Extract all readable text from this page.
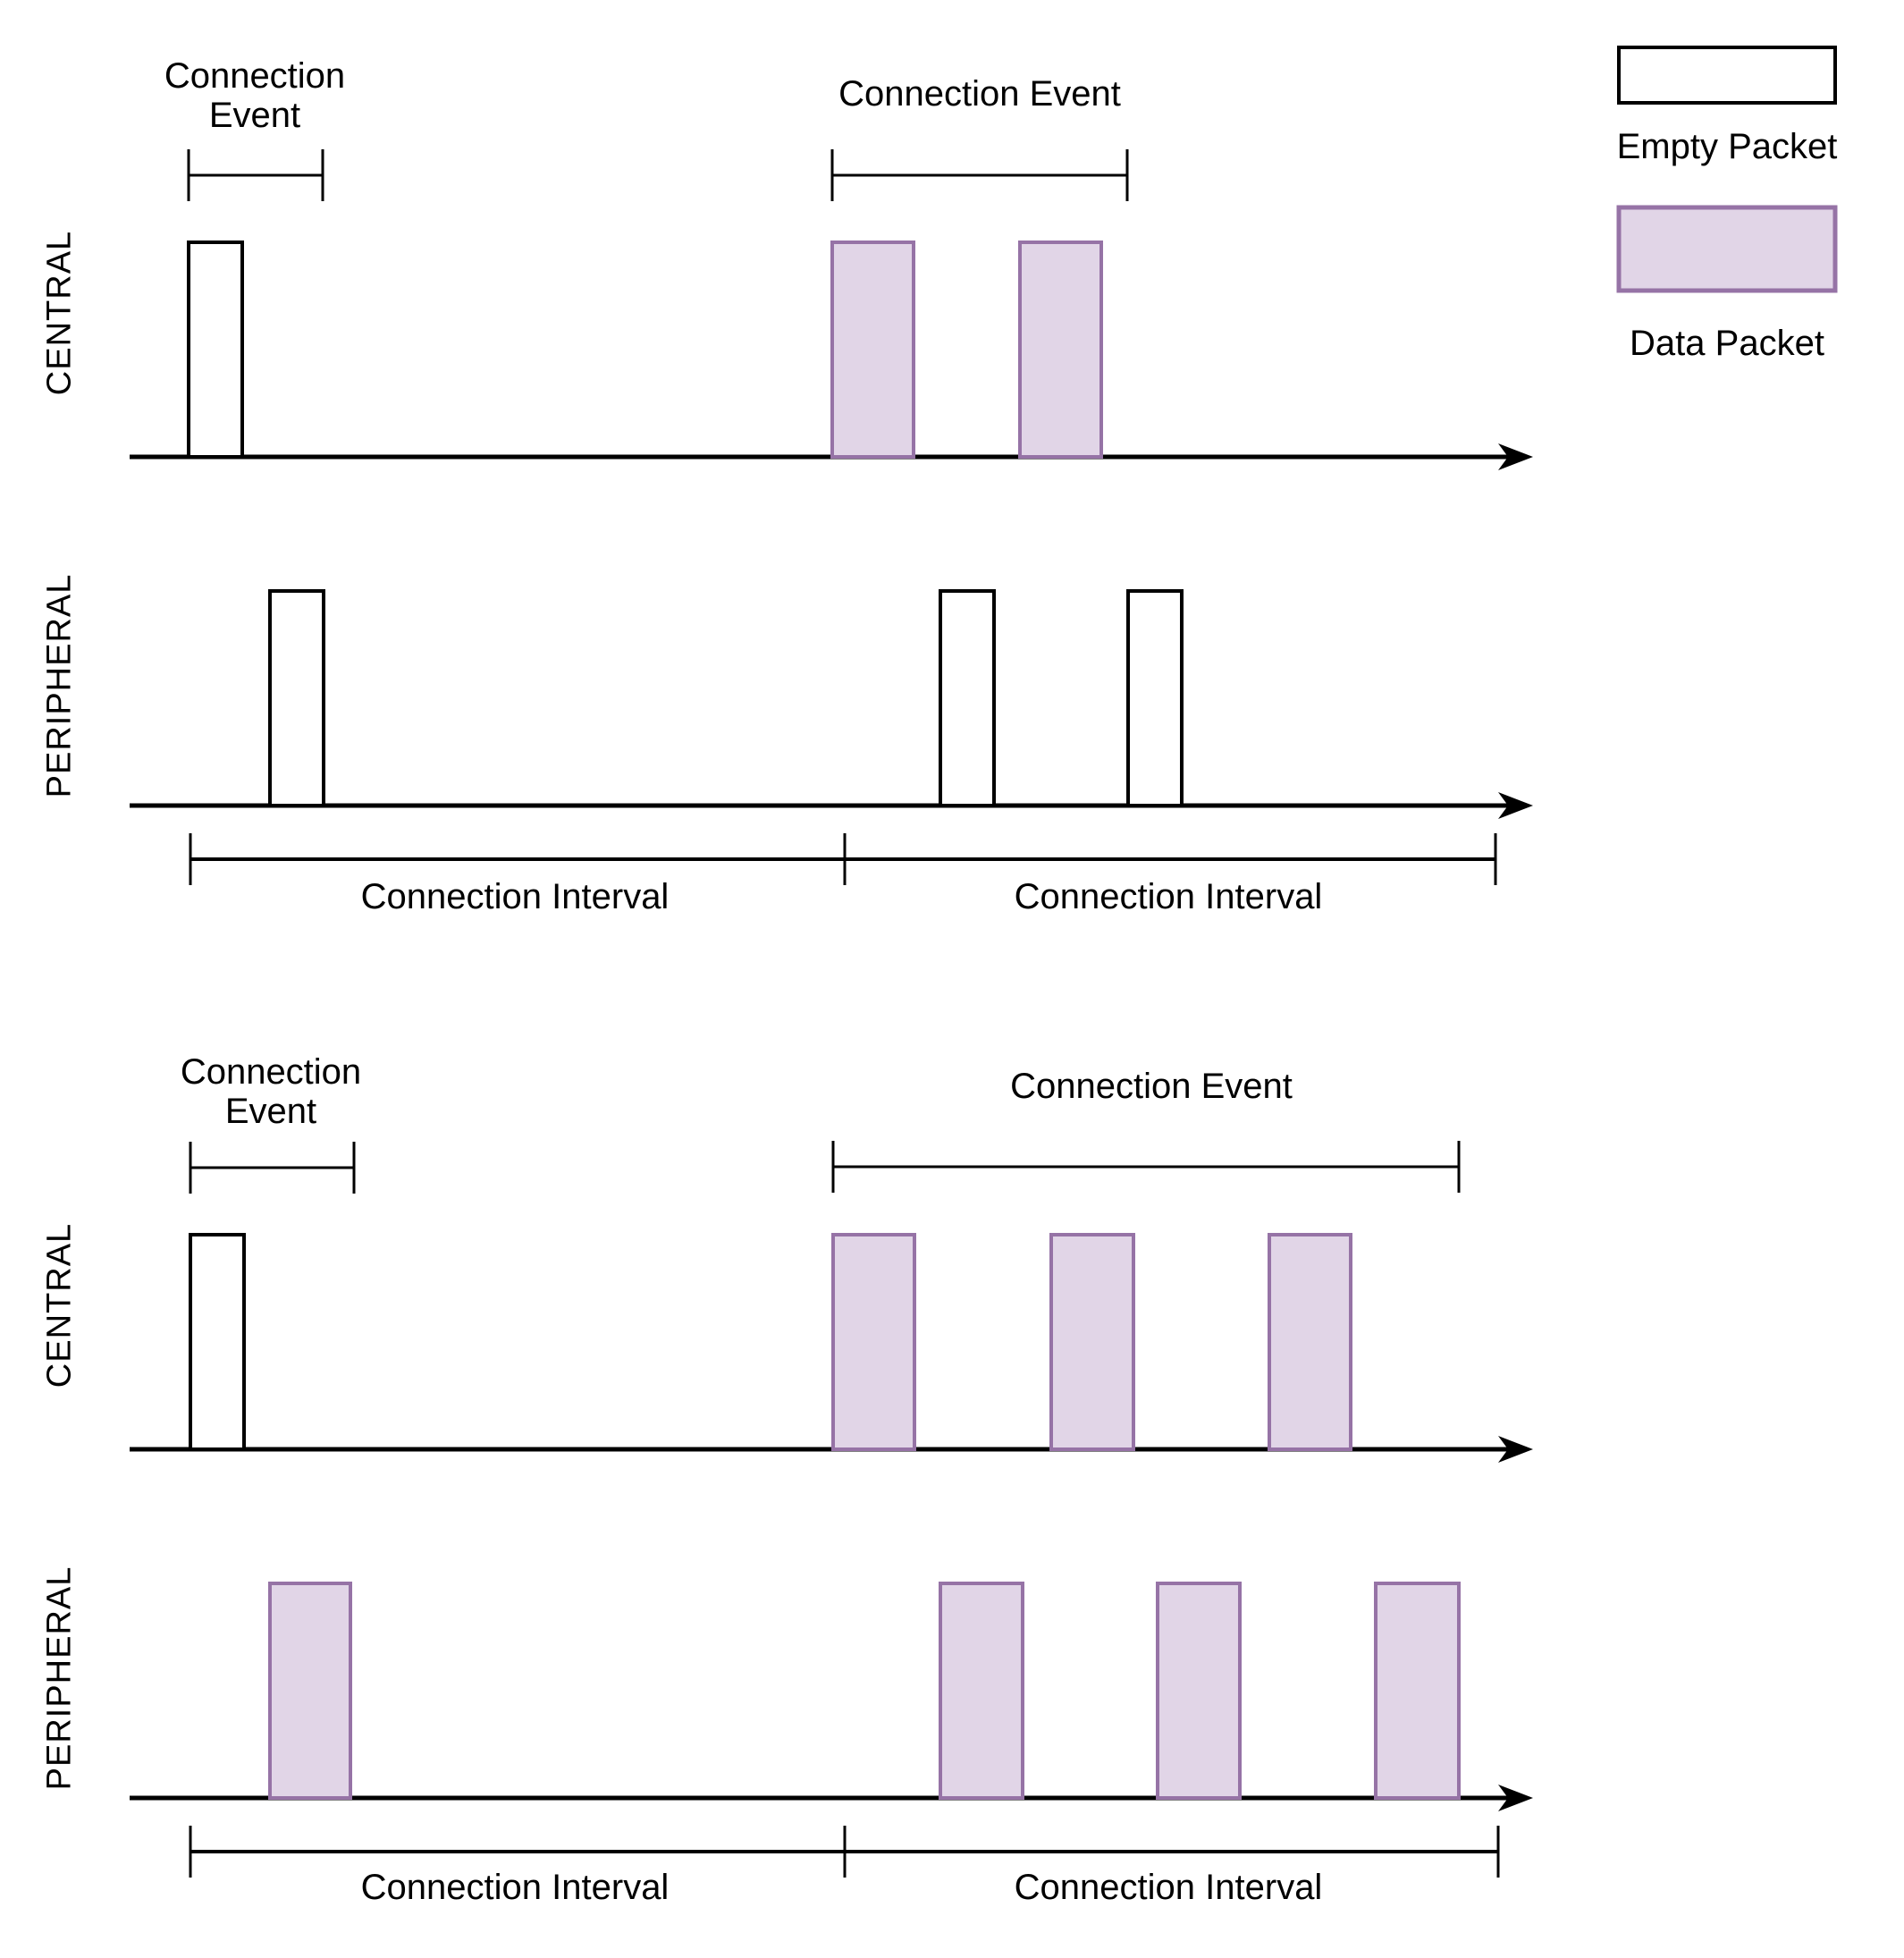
Empty Packet
Data Packet
CENTRAL
PERIPHERAL
Connection
Event
Connection Event
Connection Interval	Connection Interval
CENTRAL
PERIPHERAL
Connection
Event
Connection Event
Connection Interval	Connection Interval
